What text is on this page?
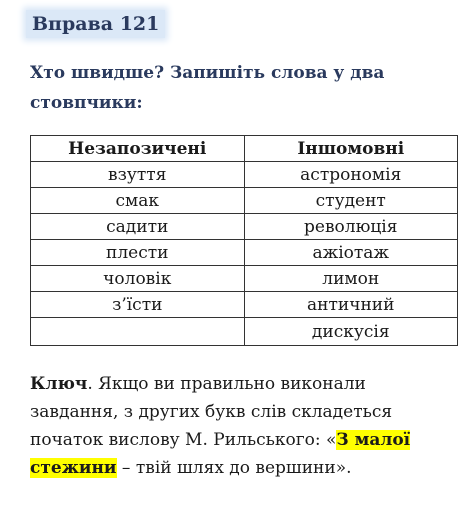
Вправа 121
Хто швидше? Запишіть слова у два стовпчики:
Незапозичені	Іншомовні
взуття	астрономія
смак	студент
садити	революція
плести	ажіотаж
чоловік	лимон
з’їсти	античний
	дискусія
Ключ. Якщо ви правильно виконали завдання, з других букв слів складеться початок вислову М. Рильського: «З малої стежини – твій шлях до вершини».
